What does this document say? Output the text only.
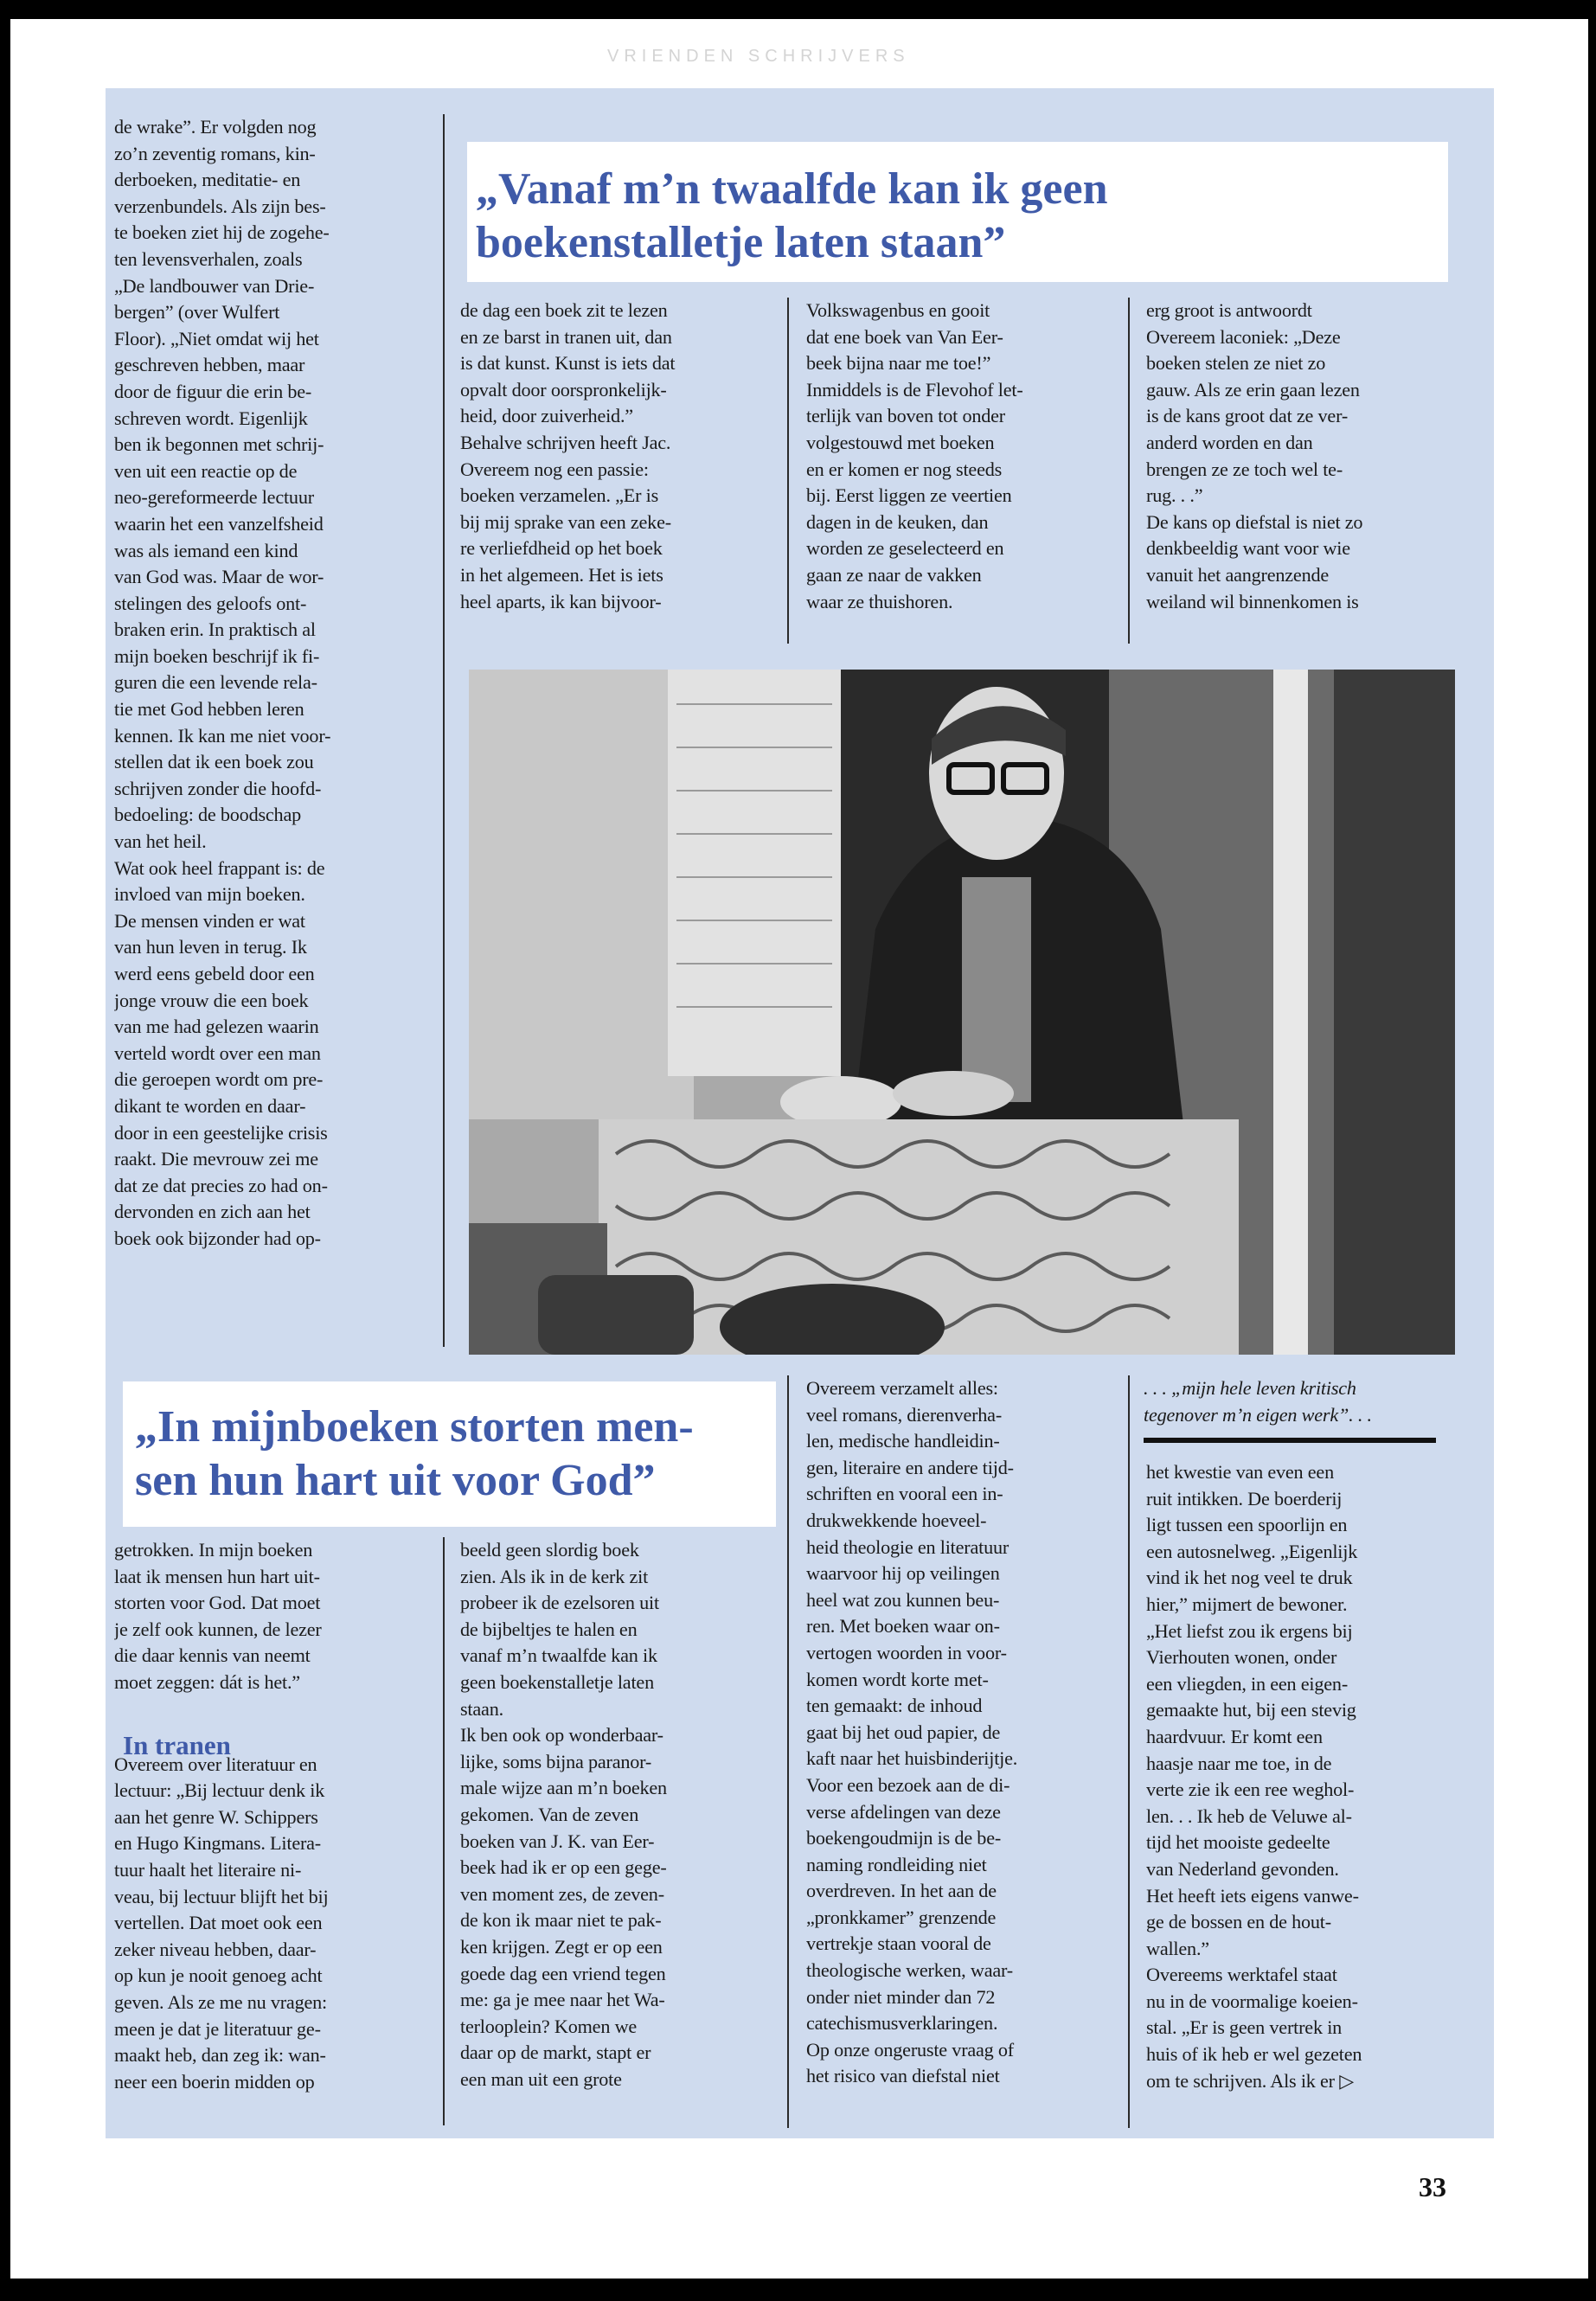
VRIENDEN SCHRIJVERS
„Vanaf m’n twaalfde kan ik geen
boekenstalletje laten staan”
de wrake”. Er volgden nog
zo’n zeventig romans, kin-
derboeken, meditatie- en
verzenbundels. Als zijn bes-
te boeken ziet hij de zogehe-
ten levensverhalen, zoals
„De landbouwer van Drie-
bergen” (over Wulfert
Floor). „Niet omdat wij het
geschreven hebben, maar
door de figuur die erin be-
schreven wordt. Eigenlijk
ben ik begonnen met schrij-
ven uit een reactie op de
neo-gereformeerde lectuur
waarin het een vanzelfsheid
was als iemand een kind
van God was. Maar de wor-
stelingen des geloofs ont-
braken erin. In praktisch al
mijn boeken beschrijf ik fi-
guren die een levende rela-
tie met God hebben leren
kennen. Ik kan me niet voor-
stellen dat ik een boek zou
schrijven zonder die hoofd-
bedoeling: de boodschap
van het heil.
Wat ook heel frappant is: de
invloed van mijn boeken.
De mensen vinden er wat
van hun leven in terug. Ik
werd eens gebeld door een
jonge vrouw die een boek
van me had gelezen waarin
verteld wordt over een man
die geroepen wordt om pre-
dikant te worden en daar-
door in een geestelijke crisis
raakt. Die mevrouw zei me
dat ze dat precies zo had on-
dervonden en zich aan het
boek ook bijzonder had op-
de dag een boek zit te lezen
en ze barst in tranen uit, dan
is dat kunst. Kunst is iets dat
opvalt door oorspronkelijk-
heid, door zuiverheid.”
Behalve schrijven heeft Jac.
Overeem nog een passie:
boeken verzamelen. „Er is
bij mij sprake van een zeke-
re verliefdheid op het boek
in het algemeen. Het is iets
heel aparts, ik kan bijvoor-
Volkswagenbus en gooit
dat ene boek van Van Eer-
beek bijna naar me toe!”
Inmiddels is de Flevohof let-
terlijk van boven tot onder
volgestouwd met boeken
en er komen er nog steeds
bij. Eerst liggen ze veertien
dagen in de keuken, dan
worden ze geselecteerd en
gaan ze naar de vakken
waar ze thuishoren.
erg groot is antwoordt
Overeem laconiek: „Deze
boeken stelen ze niet zo
gauw. Als ze erin gaan lezen
is de kans groot dat ze ver-
anderd worden en dan
brengen ze ze toch wel te-
rug. . .”
De kans op diefstal is niet zo
denkbeeldig want voor wie
vanuit het aangrenzende
weiland wil binnenkomen is
„In mijnboeken storten men-
sen hun hart uit voor God”
getrokken. In mijn boeken
laat ik mensen hun hart uit-
storten voor God. Dat moet
je zelf ook kunnen, de lezer
die daar kennis van neemt
moet zeggen: dát is het.”
Overeem over literatuur en
lectuur: „Bij lectuur denk ik
aan het genre W. Schippers
en Hugo Kingmans. Litera-
tuur haalt het literaire ni-
veau, bij lectuur blijft het bij
vertellen. Dat moet ook een
zeker niveau hebben, daar-
op kun je nooit genoeg acht
geven. Als ze me nu vragen:
meen je dat je literatuur ge-
maakt heb, dan zeg ik: wan-
neer een boerin midden op
In tranen
beeld geen slordig boek
zien. Als ik in de kerk zit
probeer ik de ezelsoren uit
de bijbeltjes te halen en
vanaf m’n twaalfde kan ik
geen boekenstalletje laten
staan.
Ik ben ook op wonderbaar-
lijke, soms bijna paranor-
male wijze aan m’n boeken
gekomen. Van de zeven
boeken van J. K. van Eer-
beek had ik er op een gege-
ven moment zes, de zeven-
de kon ik maar niet te pak-
ken krijgen. Zegt er op een
goede dag een vriend tegen
me: ga je mee naar het Wa-
terlooplein? Komen we
daar op de markt, stapt er
een man uit een grote
Overeem verzamelt alles:
veel romans, dierenverha-
len, medische handleidin-
gen, literaire en andere tijd-
schriften en vooral een in-
drukwekkende hoeveel-
heid theologie en literatuur
waarvoor hij op veilingen
heel wat zou kunnen beu-
ren. Met boeken waar on-
vertogen woorden in voor-
komen wordt korte met-
ten gemaakt: de inhoud
gaat bij het oud papier, de
kaft naar het huisbinderijtje.
Voor een bezoek aan de di-
verse afdelingen van deze
boekengoudmijn is de be-
naming rondleiding niet
overdreven. In het aan de
„pronkkamer” grenzende
vertrekje staan vooral de
theologische werken, waar-
onder niet minder dan 72
catechismusverklaringen.
Op onze ongeruste vraag of
het risico van diefstal niet
. . . „mijn hele leven kritisch
tegenover m’n eigen werk”. . .
het kwestie van even een
ruit intikken. De boerderij
ligt tussen een spoorlijn en
een autosnelweg. „Eigenlijk
vind ik het nog veel te druk
hier,” mijmert de bewoner.
„Het liefst zou ik ergens bij
Vierhouten wonen, onder
een vliegden, in een eigen-
gemaakte hut, bij een stevig
haardvuur. Er komt een
haasje naar me toe, in de
verte zie ik een ree weghol-
len. . . Ik heb de Veluwe al-
tijd het mooiste gedeelte
van Nederland gevonden.
Het heeft iets eigens vanwe-
ge de bossen en de hout-
wallen.”
Overeems werktafel staat
nu in de voormalige koeien-
stal. „Er is geen vertrek in
huis of ik heb er wel gezeten
om te schrijven. Als ik er ▷
33
